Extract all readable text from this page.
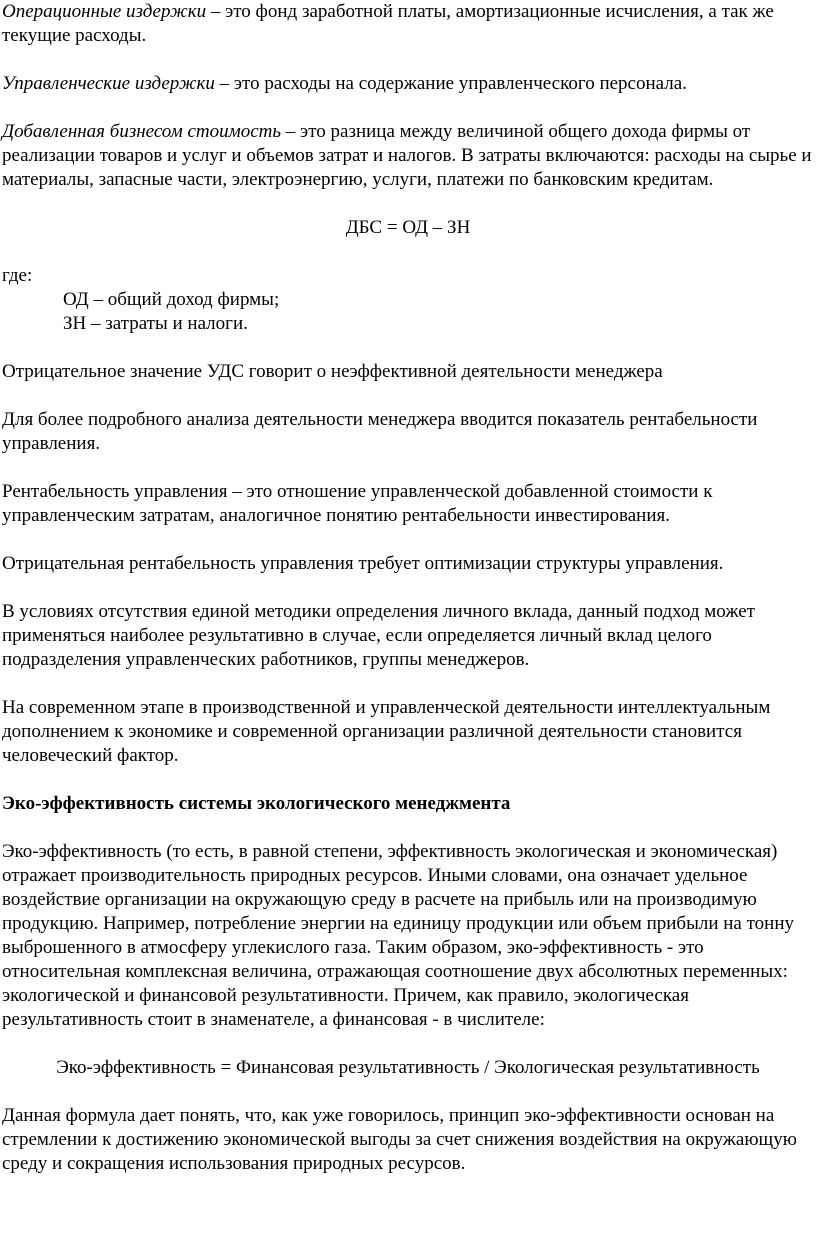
Операционные издержки – это фонд заработной платы, амортизационные исчисления, а так же текущие расходы.

Управленческие издержки – это расходы на содержание управленческого персонала.

Добавленная бизнесом стоимость – это разница между величиной общего дохода фирмы от реализации товаров и услуг и объемов затрат и налогов. В затраты включаются: расходы на сырье и материалы, запасные части, электроэнергию, услуги, платежи по банковским кредитам.

ДБС = ОД – ЗН

где:

ОД – общий доход фирмы;

ЗН – затраты и налоги.

Отрицательное значение УДС говорит о неэффективной деятельности менеджера

Для более подробного анализа деятельности менеджера вводится показатель рентабельности управления.

Рентабельность управления – это отношение управленческой добавленной стоимости к управленческим затратам, аналогичное понятию рентабельности инвестирования.

Отрицательная рентабельность управления требует оптимизации структуры управления.

В условиях отсутствия единой методики определения личного вклада, данный подход может применяться наиболее результативно в случае, если определяется личный вклад целого подразделения управленческих работников, группы менеджеров.

На современном этапе в производственной и управленческой деятельности интеллектуальным дополнением к экономике и современной организации различной деятельности становится человеческий фактор.

Эко-эффективность системы экологического менеджмента

Эко-эффективность (то есть, в равной степени, эффективность экологическая и экономическая) отражает производительность природных ресурсов. Иными словами, она означает удельное воздействие организации на окружающую среду в расчете на прибыль или на производимую продукцию. Например, потребление энергии на единицу продукции или объем прибыли на тонну выброшенного в атмосферу углекислого газа. Таким образом, эко-эффективность - это относительная комплексная величина, отражающая соотношение двух абсолютных переменных: экологической и финансовой результативности. Причем, как правило, экологическая результативность стоит в знаменателе, а финансовая - в числителе:

Эко-эффективность = Финансовая результативность / Экологическая результативность

Данная формула дает понять, что, как уже говорилось, принцип эко-эффективности основан на стремлении к достижению экономической выгоды за счет снижения воздействия на окружающую среду и сокращения использования природных ресурсов.
